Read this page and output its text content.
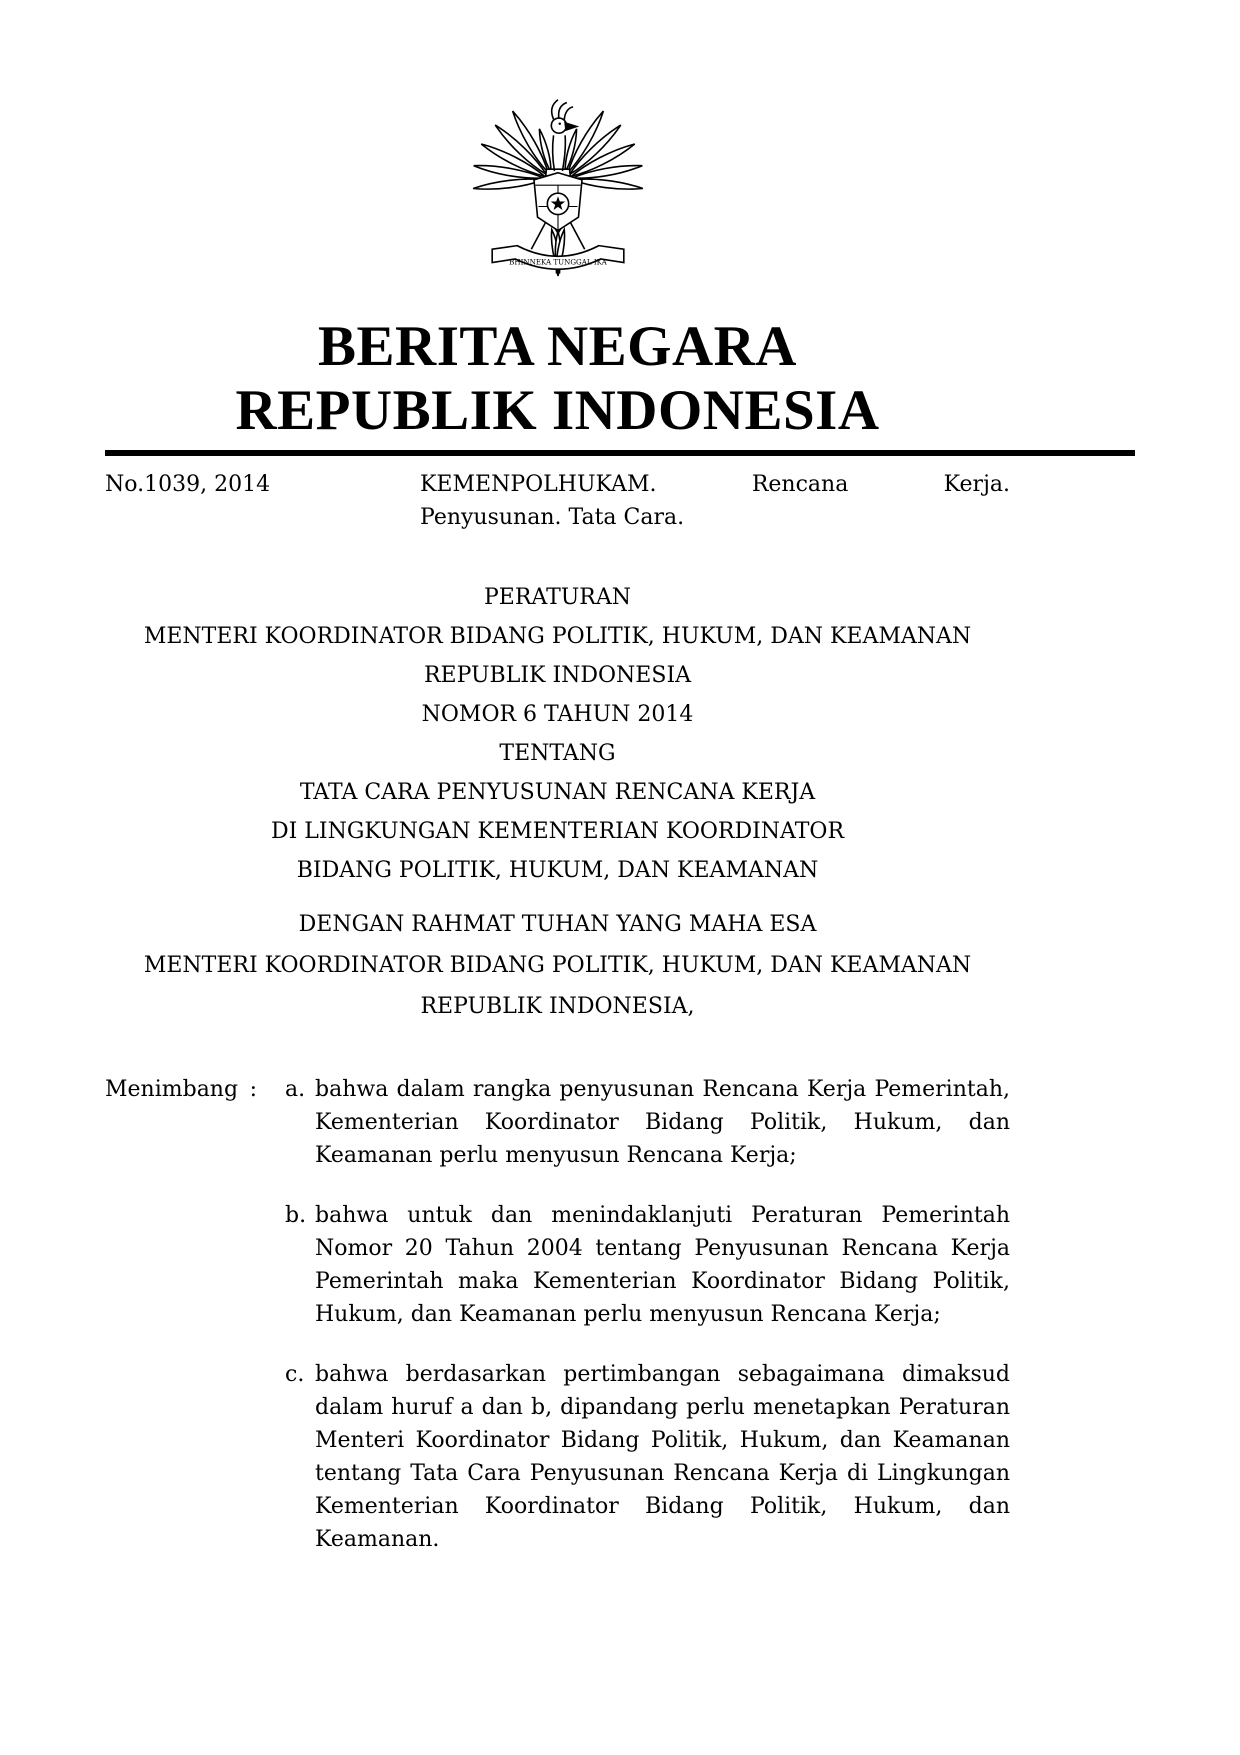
BHINNEKA TUNGGAL IKA
BERITA NEGARA
REPUBLIK INDONESIA
No.1039, 2014	KEMENPOLHUKAM. Rencana Kerja.
Penyusunan. Tata Cara.
PERATURAN
MENTERI KOORDINATOR BIDANG POLITIK, HUKUM, DAN KEAMANAN
REPUBLIK INDONESIA
NOMOR 6 TAHUN 2014
TENTANG
TATA CARA PENYUSUNAN RENCANA KERJA
DI LINGKUNGAN KEMENTERIAN KOORDINATOR
BIDANG POLITIK, HUKUM, DAN KEAMANAN
DENGAN RAHMAT TUHAN YANG MAHA ESA
MENTERI KOORDINATOR BIDANG POLITIK, HUKUM, DAN KEAMANAN
REPUBLIK INDONESIA,
Menimbang : a. bahwa dalam rangka penyusunan Rencana Kerja Pemerintah, Kementerian Koordinator Bidang Politik, Hukum, dan Keamanan perlu menyusun Rencana Kerja;

b. bahwa untuk dan menindaklanjuti Peraturan Pemerintah Nomor 20 Tahun 2004 tentang Penyusunan Rencana Kerja Pemerintah maka Kementerian Koordinator Bidang Politik, Hukum, dan Keamanan perlu menyusun Rencana Kerja;

c. bahwa berdasarkan pertimbangan sebagaimana dimaksud dalam huruf a dan b, dipandang perlu menetapkan Peraturan Menteri Koordinator Bidang Politik, Hukum, dan Keamanan tentang Tata Cara Penyusunan Rencana Kerja di Lingkungan Kementerian Koordinator Bidang Politik, Hukum, dan Keamanan.
